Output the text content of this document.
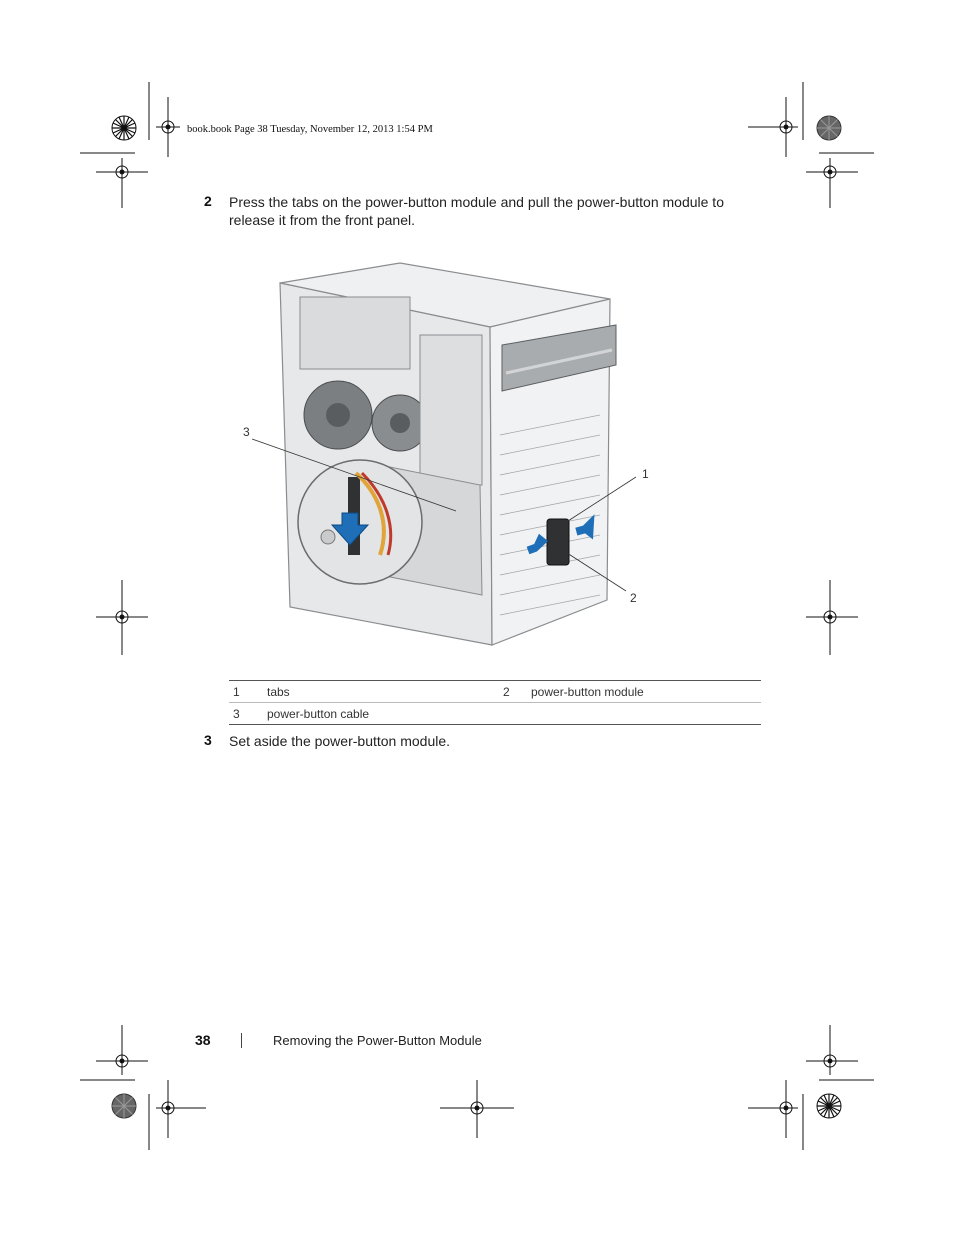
book.book Page 38 Tuesday, November 12, 2013 1:54 PM
2 Press the tabs on the power-button module and pull the power-button module to
release it from the front panel.
3
1
2
1	tabs	2	power-button module
3	power-button cable		
3 Set aside the power-button module.
38	Removing the Power-Button Module
